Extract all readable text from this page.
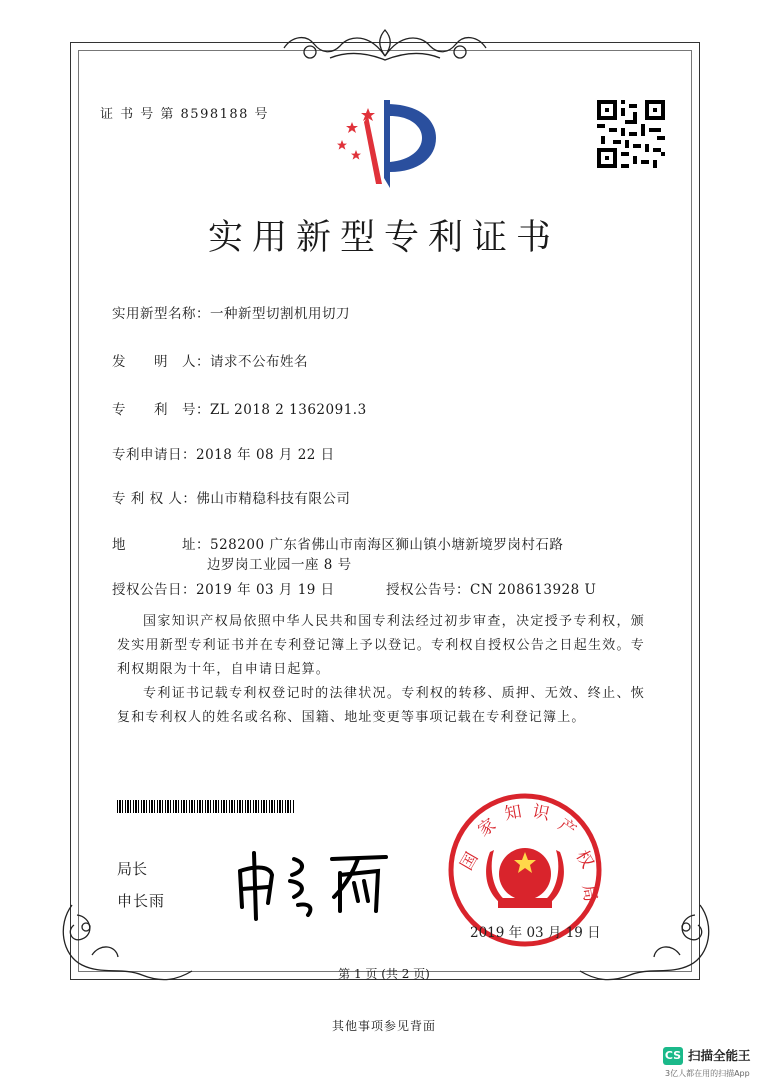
证 书 号 第 8598188 号
实用新型专利证书
实用新型名称：一种新型切割机用切刀
发　　明　人：请求不公布姓名
专　　利　号：ZL 2018 2 1362091.3
专利申请日：2018 年 08 月 22 日
专 利 权 人：佛山市精稳科技有限公司
地　　　　址：528200 广东省佛山市南海区狮山镇小塘新境罗岗村石路
边罗岗工业园一座 8 号
授权公告日：2019 年 03 月 19 日	授权公告号：CN 208613928 U
国家知识产权局依照中华人民共和国专利法经过初步审查，决定授予专利权，颁发实用新型专利证书并在专利登记簿上予以登记。专利权自授权公告之日起生效。专利权期限为十年，自申请日起算。
专利证书记载专利权登记时的法律状况。专利权的转移、质押、无效、终止、恢复和专利权人的姓名或名称、国籍、地址变更等事项记载在专利登记簿上。
局长
申长雨
国
家
知 识
产
权
局
2019 年 03 月 19 日
第 1 页 (共 2 页)
其他事项参见背面
CS 扫描全能王
3亿人都在用的扫描App
